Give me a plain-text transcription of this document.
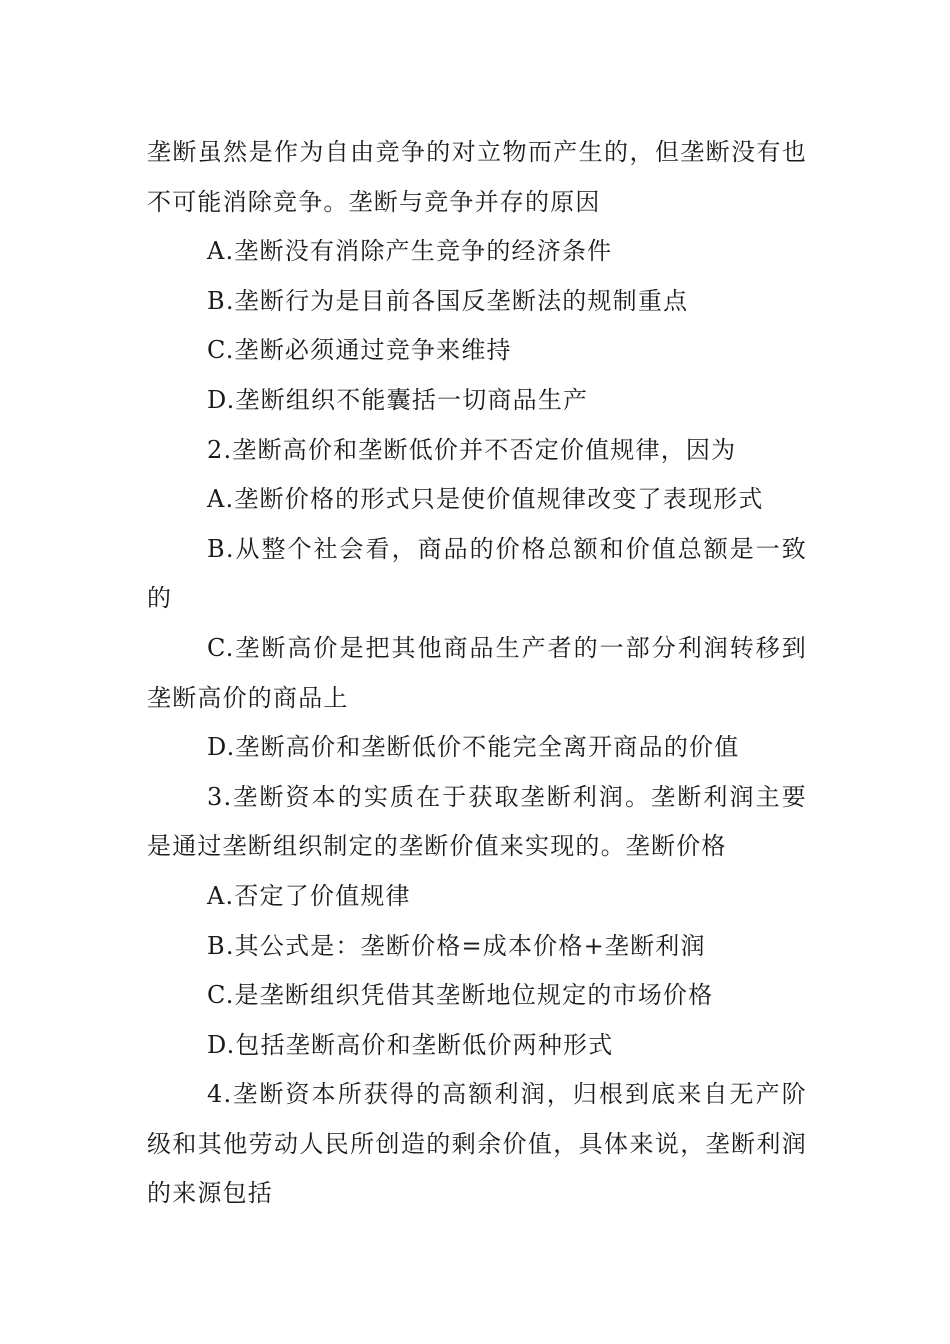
垄断虽然是作为自由竞争的对立物而产生的，但垄断没有也不可能消除竞争。垄断与竞争并存的原因

A.垄断没有消除产生竞争的经济条件

B.垄断行为是目前各国反垄断法的规制重点

C.垄断必须通过竞争来维持

D.垄断组织不能囊括一切商品生产

2.垄断高价和垄断低价并不否定价值规律，因为

A.垄断价格的形式只是使价值规律改变了表现形式

B.从整个社会看，商品的价格总额和价值总额是一致的

C.垄断高价是把其他商品生产者的一部分利润转移到垄断高价的商品上

D.垄断高价和垄断低价不能完全离开商品的价值

3.垄断资本的实质在于获取垄断利润。垄断利润主要是通过垄断组织制定的垄断价值来实现的。垄断价格

A.否定了价值规律

B.其公式是：垄断价格=成本价格+垄断利润

C.是垄断组织凭借其垄断地位规定的市场价格

D.包括垄断高价和垄断低价两种形式

4.垄断资本所获得的高额利润，归根到底来自无产阶级和其他劳动人民所创造的剩余价值，具体来说，垄断利润的来源包括
